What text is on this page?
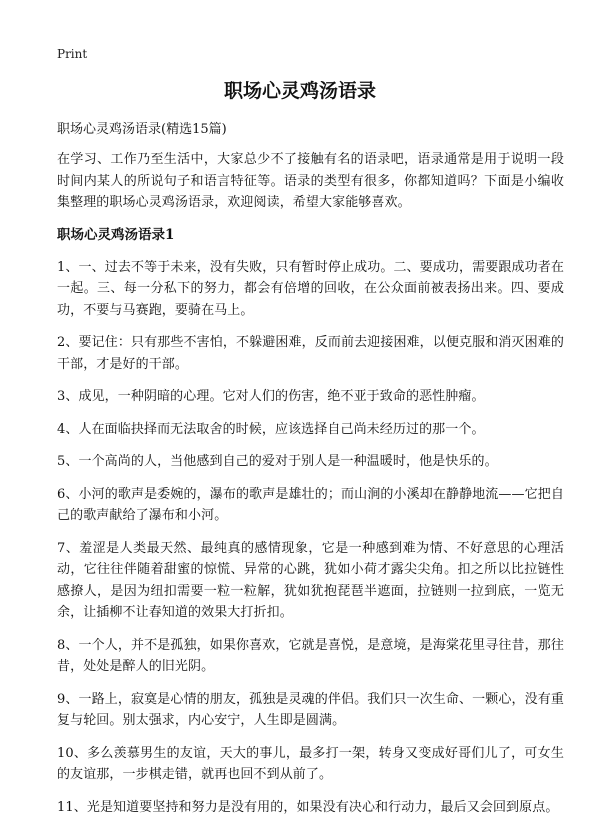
Print
职场心灵鸡汤语录
职场心灵鸡汤语录(精选15篇)

在学习、工作乃至生活中，大家总少不了接触有名的语录吧，语录通常是用于说明一段时间内某人的所说句子和语言特征等。语录的类型有很多，你都知道吗？下面是小编收集整理的职场心灵鸡汤语录，欢迎阅读，希望大家能够喜欢。

职场心灵鸡汤语录1

1、一、过去不等于未来，没有失败，只有暂时停止成功。二、要成功，需要跟成功者在一起。三、每一分私下的努力，都会有倍增的回收，在公众面前被表扬出来。四、要成功，不要与马赛跑，要骑在马上。

2、要记住：只有那些不害怕，不躲避困难，反而前去迎接困难，以便克服和消灭困难的干部，才是好的干部。

3、成见，一种阴暗的心理。它对人们的伤害，绝不亚于致命的恶性肿瘤。

4、人在面临抉择而无法取舍的时候，应该选择自己尚未经历过的那一个。

5、一个高尚的人，当他感到自己的爱对于别人是一种温暖时，他是快乐的。

6、小河的歌声是委婉的，瀑布的歌声是雄壮的；而山涧的小溪却在静静地流——它把自己的歌声献给了瀑布和小河。

7、羞涩是人类最天然、最纯真的感情现象，它是一种感到难为情、不好意思的心理活动，它往往伴随着甜蜜的惊慌、异常的心跳，犹如小荷才露尖尖角。扣之所以比拉链性感撩人，是因为纽扣需要一粒一粒解，犹如犹抱琵琶半遮面，拉链则一拉到底，一览无余，让插柳不让春知道的效果大打折扣。

8、一个人，并不是孤独，如果你喜欢，它就是喜悦，是意境，是海棠花里寻往昔，那往昔，处处是醉人的旧光阴。

9、一路上，寂寞是心情的朋友，孤独是灵魂的伴侣。我们只一次生命、一颗心，没有重复与轮回。别太强求，内心安宁，人生即是圆满。

10、多么羡慕男生的友谊，天大的事儿，最多打一架，转身又变成好哥们儿了，可女生的友谊那，一步棋走错，就再也回不到从前了。

11、光是知道要坚持和努力是没有用的，如果没有决心和行动力，最后又会回到原点。
